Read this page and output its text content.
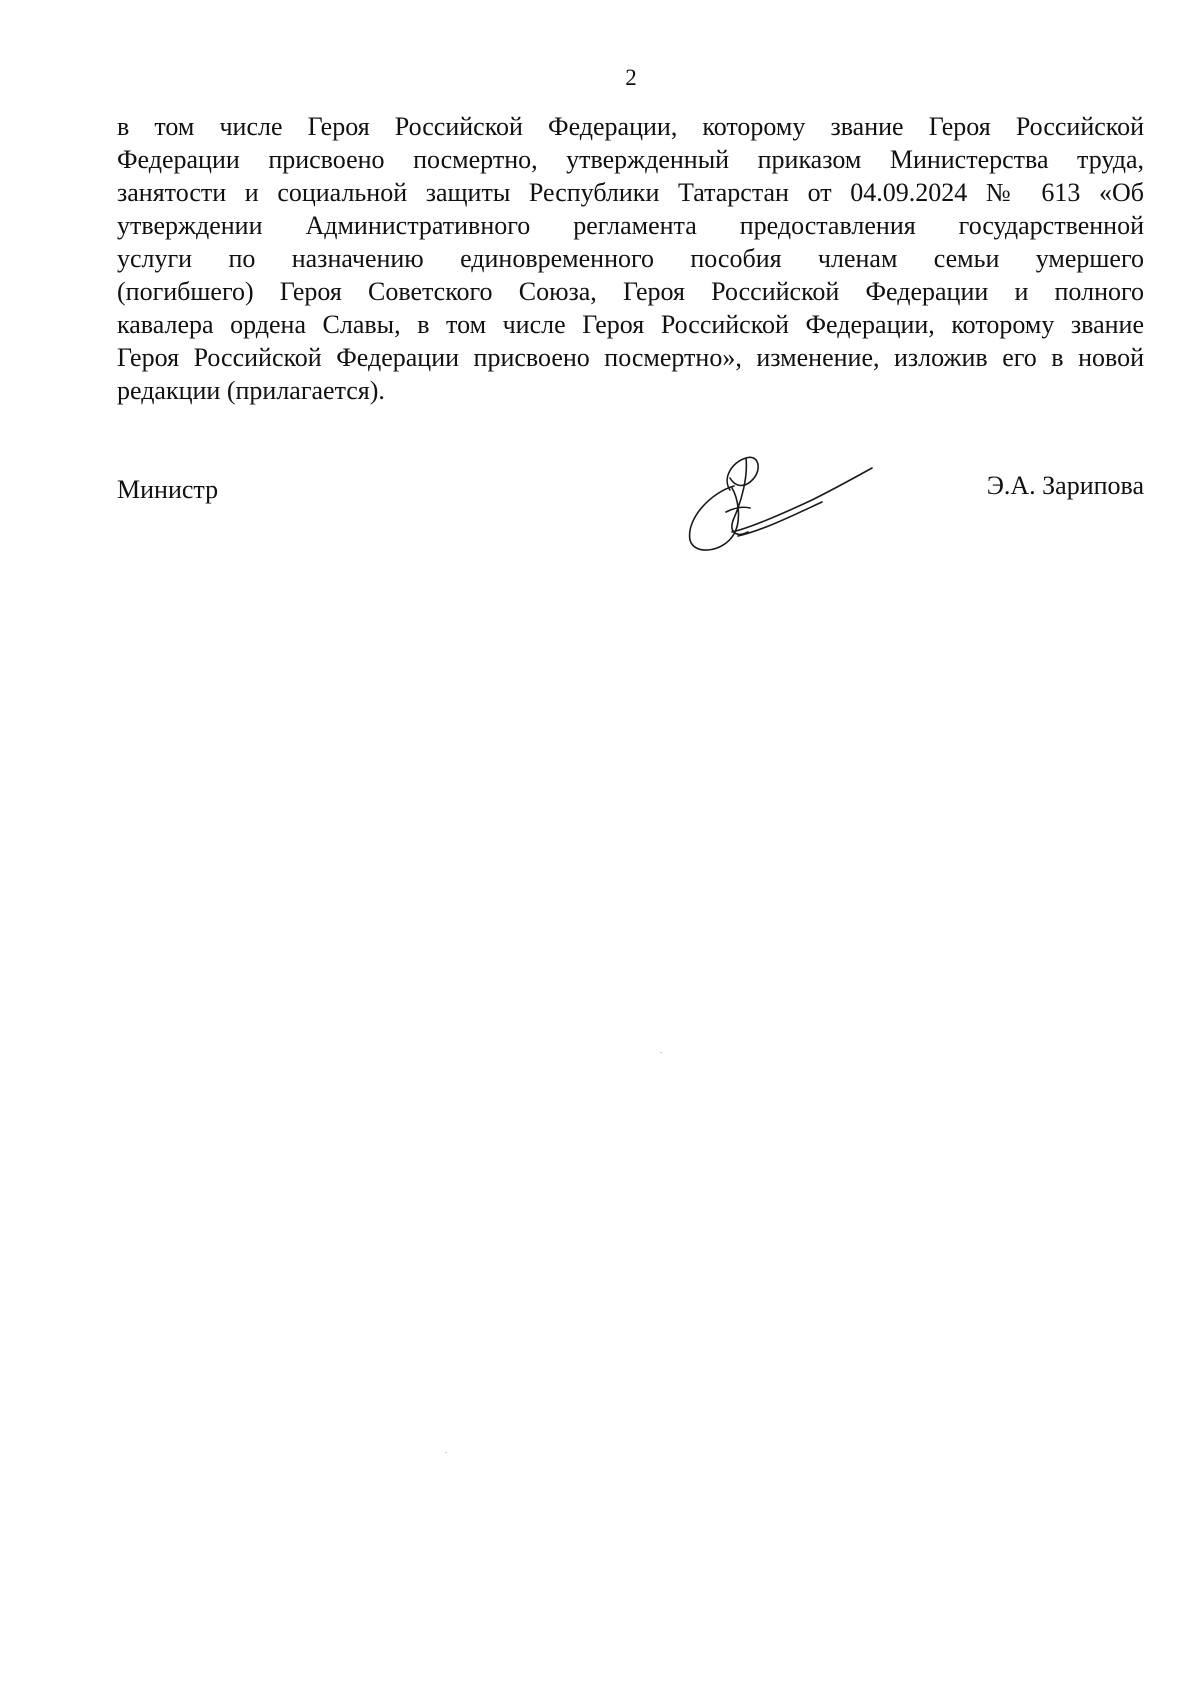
2
в том числе Героя Российской Федерации, которому звание Героя Российской
Федерации присвоено посмертно, утвержденный приказом Министерства труда,
занятости и социальной защиты Республики Татарстан от 04.09.2024 № 613 «Об
утверждении Административного регламента предоставления государственной
услуги по назначению единовременного пособия членам семьи умершего
(погибшего) Героя Советского Союза, Героя Российской Федерации и полного
кавалера ордена Славы, в том числе Героя Российской Федерации, которому звание
Героя Российской Федерации присвоено посмертно», изменение, изложив его в новой
редакции (прилагается).
Министр	Э.А. Зарипова
